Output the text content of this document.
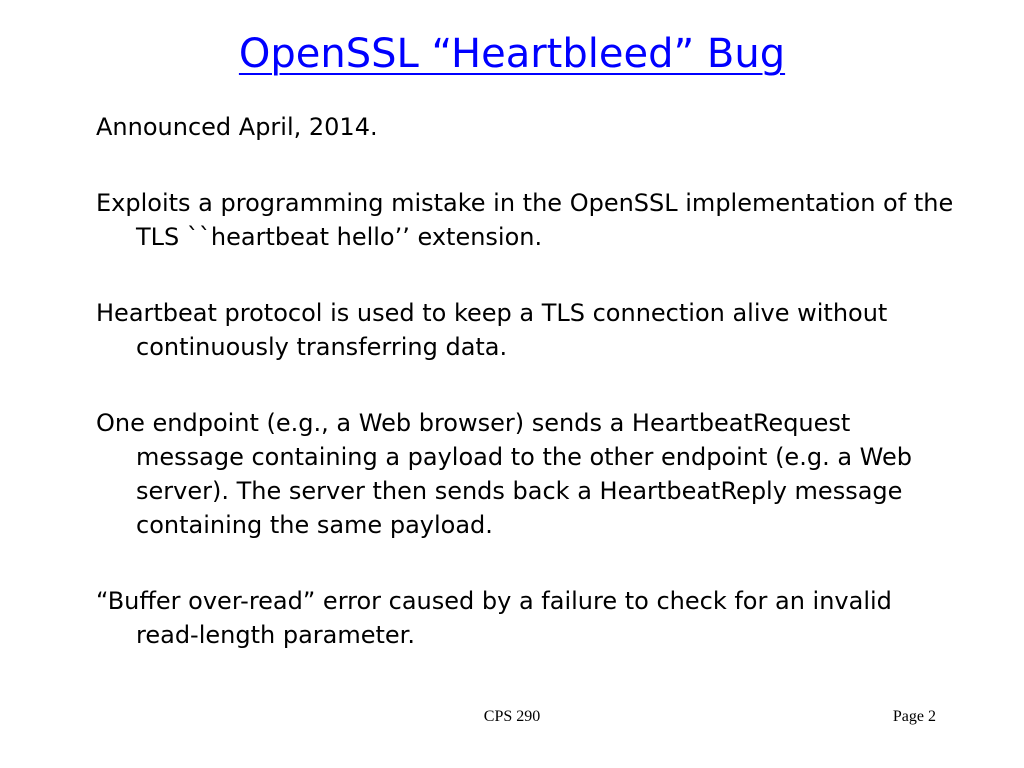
OpenSSL “Heartbleed” Bug

Announced April, 2014.

Exploits a programming mistake in the OpenSSL implementation of the TLS ``heartbeat hello’’ extension.

Heartbeat protocol is used to keep a TLS connection alive without continuously transferring data.

One endpoint (e.g., a Web browser) sends a HeartbeatRequest message containing a payload to the other endpoint (e.g. a Web server). The server then sends back a HeartbeatReply message containing the same payload.

“Buffer over-read” error caused by a failure to check for an invalid read-length parameter.

CPS 290	Page 2
